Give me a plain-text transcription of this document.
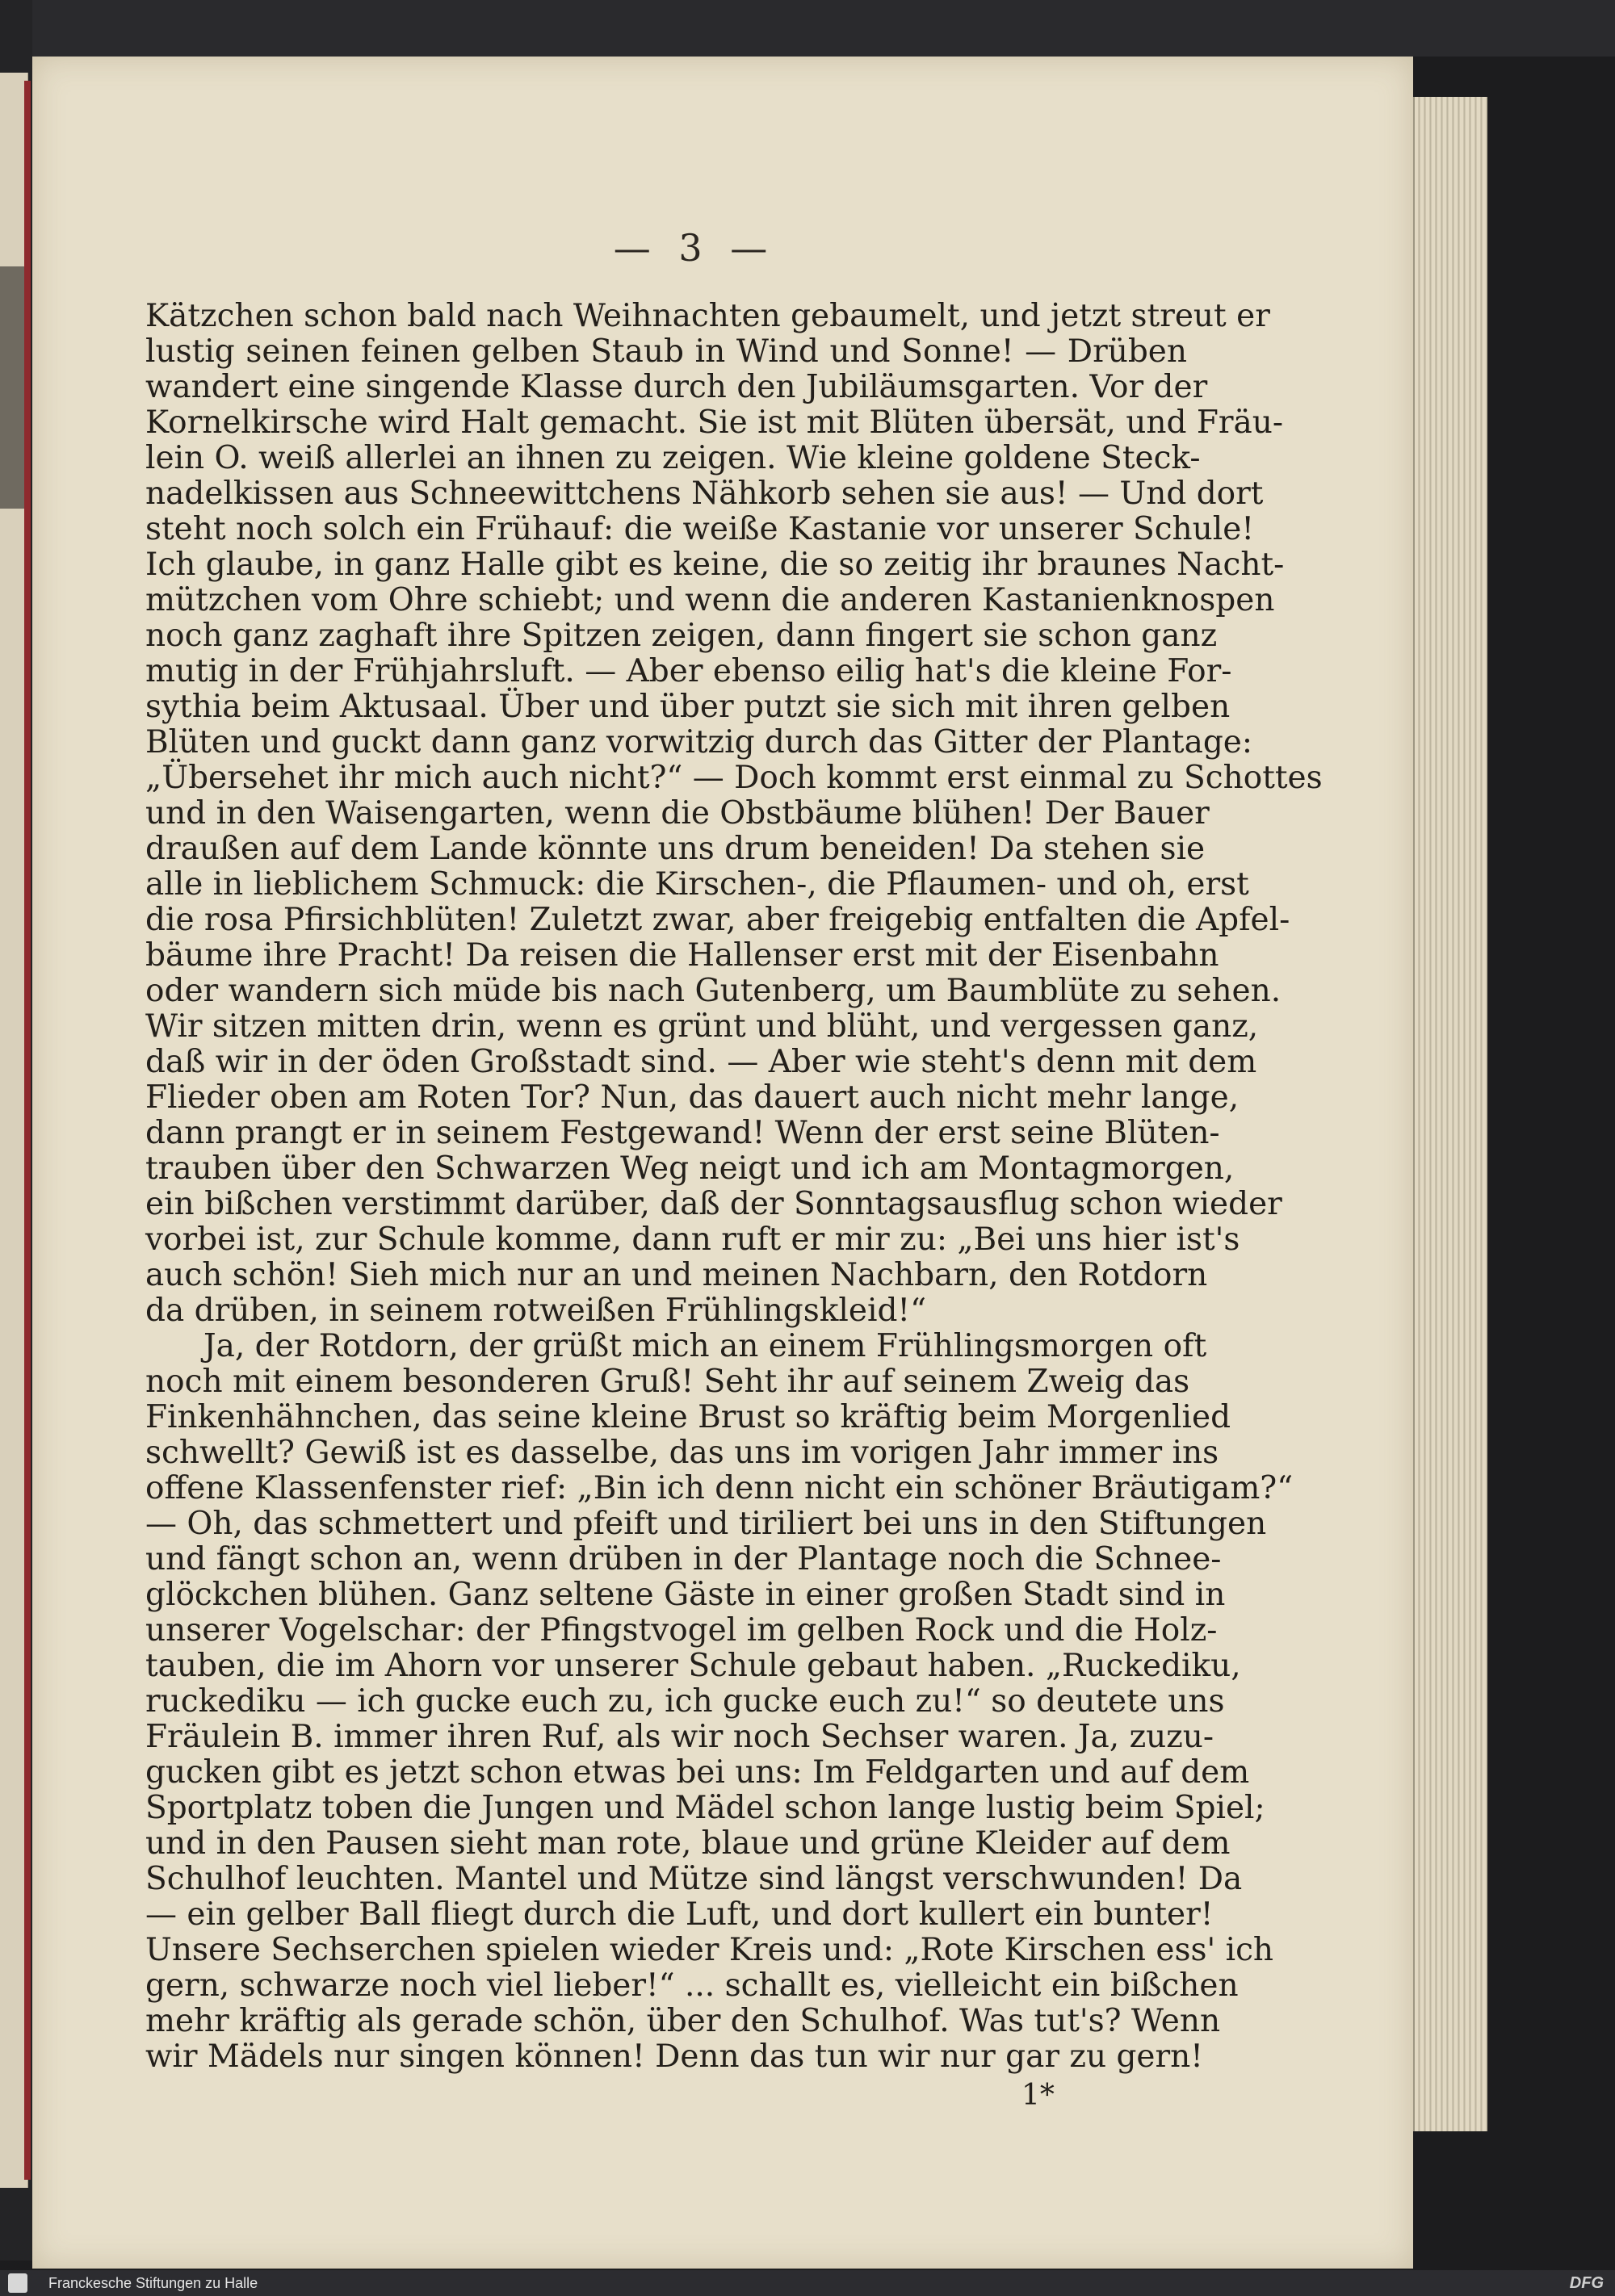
— 3 —
Kätzchen schon bald nach Weihnachten gebaumelt, und jetzt streut er
lustig seinen feinen gelben Staub in Wind und Sonne! — Drüben
wandert eine singende Klasse durch den Jubiläumsgarten. Vor der
Kornelkirsche wird Halt gemacht. Sie ist mit Blüten übersät, und Fräu-
lein O. weiß allerlei an ihnen zu zeigen. Wie kleine goldene Steck-
nadelkissen aus Schneewittchens Nähkorb sehen sie aus! — Und dort
steht noch solch ein Frühauf: die weiße Kastanie vor unserer Schule!
Ich glaube, in ganz Halle gibt es keine, die so zeitig ihr braunes Nacht-
mützchen vom Ohre schiebt; und wenn die anderen Kastanienknospen
noch ganz zaghaft ihre Spitzen zeigen, dann fingert sie schon ganz
mutig in der Frühjahrsluft. — Aber ebenso eilig hat's die kleine For-
sythia beim Aktusaal. Über und über putzt sie sich mit ihren gelben
Blüten und guckt dann ganz vorwitzig durch das Gitter der Plantage:
„Übersehet ihr mich auch nicht?“ — Doch kommt erst einmal zu Schottes
und in den Waisengarten, wenn die Obstbäume blühen! Der Bauer
draußen auf dem Lande könnte uns drum beneiden! Da stehen sie
alle in lieblichem Schmuck: die Kirschen-, die Pflaumen- und oh, erst
die rosa Pfirsichblüten! Zuletzt zwar, aber freigebig entfalten die Apfel-
bäume ihre Pracht! Da reisen die Hallenser erst mit der Eisenbahn
oder wandern sich müde bis nach Gutenberg, um Baumblüte zu sehen.
Wir sitzen mitten drin, wenn es grünt und blüht, und vergessen ganz,
daß wir in der öden Großstadt sind. — Aber wie steht's denn mit dem
Flieder oben am Roten Tor? Nun, das dauert auch nicht mehr lange,
dann prangt er in seinem Festgewand! Wenn der erst seine Blüten-
trauben über den Schwarzen Weg neigt und ich am Montagmorgen,
ein bißchen verstimmt darüber, daß der Sonntagsausflug schon wieder
vorbei ist, zur Schule komme, dann ruft er mir zu: „Bei uns hier ist's
auch schön! Sieh mich nur an und meinen Nachbarn, den Rotdorn
da drüben, in seinem rotweißen Frühlingskleid!“
Ja, der Rotdorn, der grüßt mich an einem Frühlingsmorgen oft
noch mit einem besonderen Gruß! Seht ihr auf seinem Zweig das
Finkenhähnchen, das seine kleine Brust so kräftig beim Morgenlied
schwellt? Gewiß ist es dasselbe, das uns im vorigen Jahr immer ins
offene Klassenfenster rief: „Bin ich denn nicht ein schöner Bräutigam?“
— Oh, das schmettert und pfeift und tiriliert bei uns in den Stiftungen
und fängt schon an, wenn drüben in der Plantage noch die Schnee-
glöckchen blühen. Ganz seltene Gäste in einer großen Stadt sind in
unserer Vogelschar: der Pfingstvogel im gelben Rock und die Holz-
tauben, die im Ahorn vor unserer Schule gebaut haben. „Ruckediku,
ruckediku — ich gucke euch zu, ich gucke euch zu!“ so deutete uns
Fräulein B. immer ihren Ruf, als wir noch Sechser waren. Ja, zuzu-
gucken gibt es jetzt schon etwas bei uns: Im Feldgarten und auf dem
Sportplatz toben die Jungen und Mädel schon lange lustig beim Spiel;
und in den Pausen sieht man rote, blaue und grüne Kleider auf dem
Schulhof leuchten. Mantel und Mütze sind längst verschwunden! Da
— ein gelber Ball fliegt durch die Luft, und dort kullert ein bunter!
Unsere Sechserchen spielen wieder Kreis und: „Rote Kirschen ess' ich
gern, schwarze noch viel lieber!“ ... schallt es, vielleicht ein bißchen
mehr kräftig als gerade schön, über den Schulhof. Was tut's? Wenn
wir Mädels nur singen können! Denn das tun wir nur gar zu gern!
1*
Franckesche Stiftungen zu Halle	DFG
